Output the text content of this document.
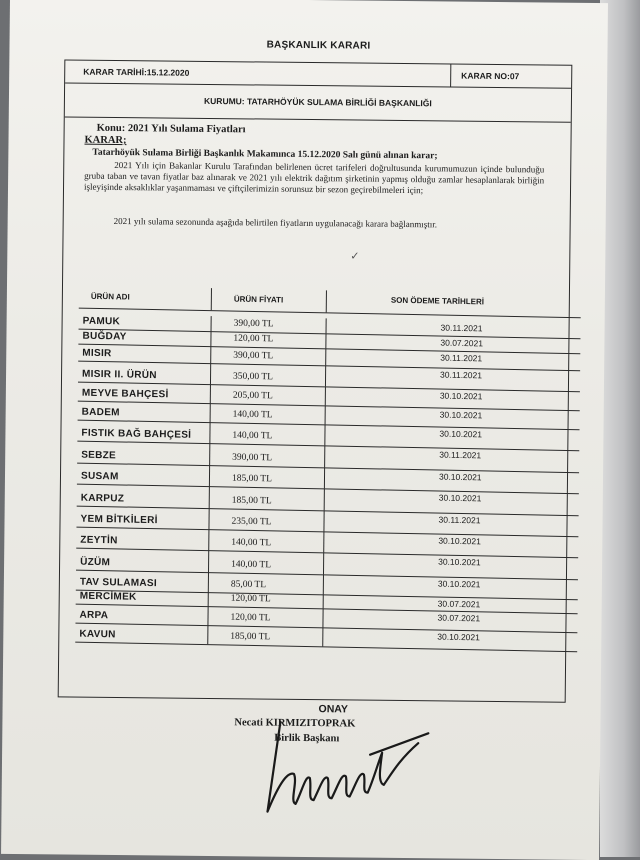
BAŞKANLIK KARARI
KARAR TARİHİ:15.12.2020	KARAR NO:07
KURUMU: TATARHÖYÜK SULAMA BİRLİĞİ BAŞKANLIĞI
Konu: 2021 Yılı Sulama Fiyatları
KARAR;
Tatarhöyük Sulama Birliği Başkanlık Makamınca 15.12.2020 Salı günü alınan karar;
2021 Yılı için Bakanlar Kurulu Tarafından belirlenen ücret tarifeleri doğrultusunda kurumumuzun içinde bulunduğu gruba taban ve tavan fiyatlar baz alınarak ve 2021 yılı elektrik dağıtım şirketinin yapmış olduğu zamlar hesaplanlarak birliğin işleyişinde aksaklıklar yaşanmaması ve çiftçilerimizin sorunsuz bir sezon geçirebilmeleri için;
2021 yılı sulama sezonunda aşağıda belirtilen fiyatların uygulanacağı karara bağlanmıştır.
✓
ÜRÜN ADI	ÜRÜN FİYATI	SON ÖDEME TARİHLERİ
PAMUK	390,00 TL	30.11.2021
BUĞDAY	120,00 TL	30.07.2021
MISIR	390,00 TL	30.11.2021
MISIR II. ÜRÜN	350,00 TL	30.11.2021
MEYVE BAHÇESİ	205,00 TL	30.10.2021
BADEM	140,00 TL	30.10.2021
FISTIK BAĞ BAHÇESİ	140,00 TL	30.10.2021
SEBZE	390,00 TL	30.11.2021
SUSAM	185,00 TL	30.10.2021
KARPUZ	185,00 TL	30.10.2021
YEM BİTKİLERİ	235,00 TL	30.11.2021
ZEYTİN	140,00 TL	30.10.2021
ÜZÜM	140,00 TL	30.10.2021
TAV SULAMASI	85,00 TL	30.10.2021
MERCİMEK	120,00 TL	30.07.2021
ARPA	120,00 TL	30.07.2021
KAVUN	185,00 TL	30.10.2021
ONAY
Necati KIRMIZITOPRAK
Birlik Başkanı
